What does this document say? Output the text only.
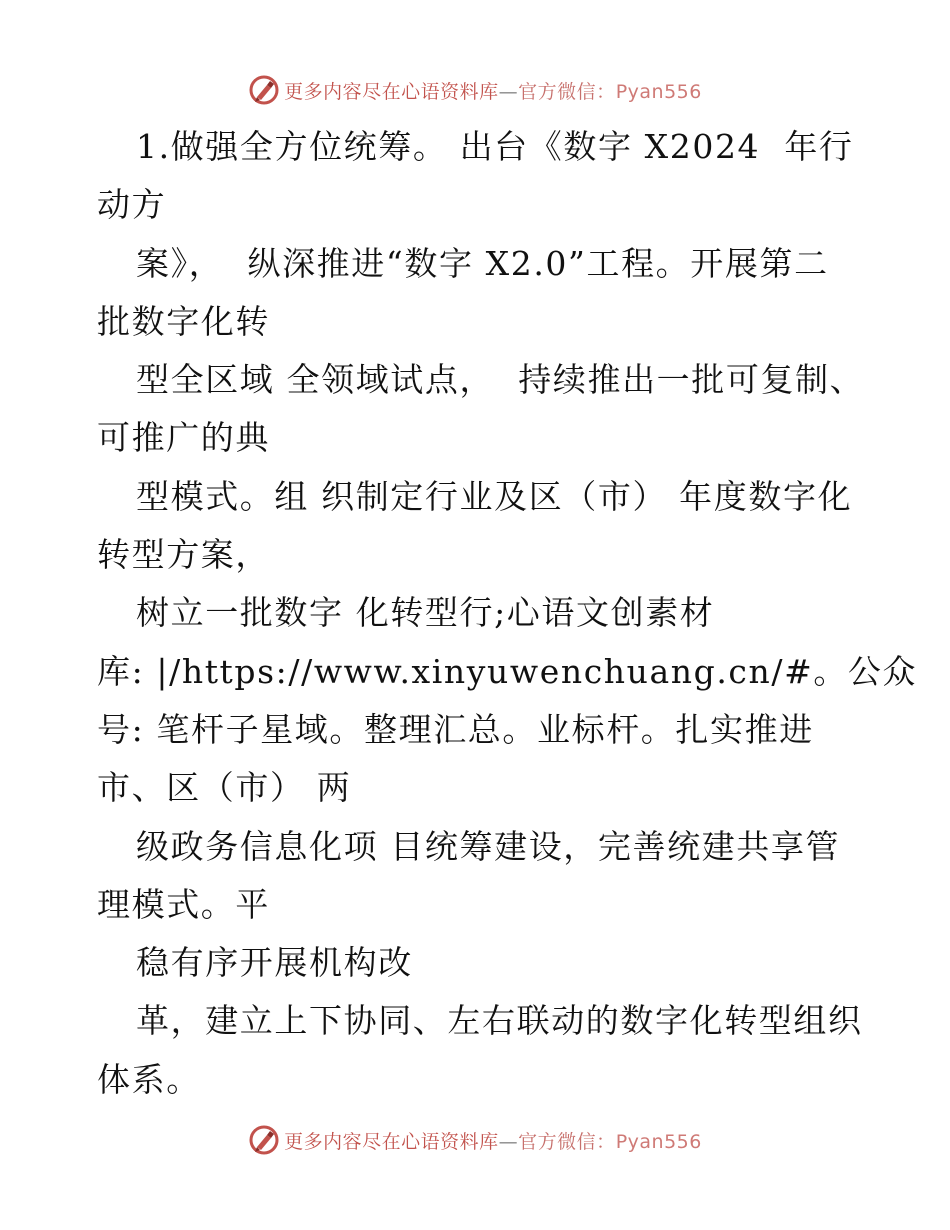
更多内容尽在心语资料库—官方微信：Pyan556
1.做强全方位统筹。 出台《数字 X2024  年行
动方
案》，  纵深推进“数字 X2.0”工程。开展第二
批数字化转
型全区域 全领域试点，  持续推出一批可复制、
可推广的典
型模式。组 织制定行业及区（市） 年度数字化
转型方案，
树立一批数字 化转型行;心语文创素材
库: |/https://www.xinyuwenchuang.cn/#。公众
号: 笔杆子星域。整理汇总。业标杆。扎实推进
市、区（市） 两
级政务信息化项 目统筹建设，完善统建共享管
理模式。平
稳有序开展机构改
革，建立上下协同、左右联动的数字化转型组织
体系。
更多内容尽在心语资料库—官方微信：Pyan556
